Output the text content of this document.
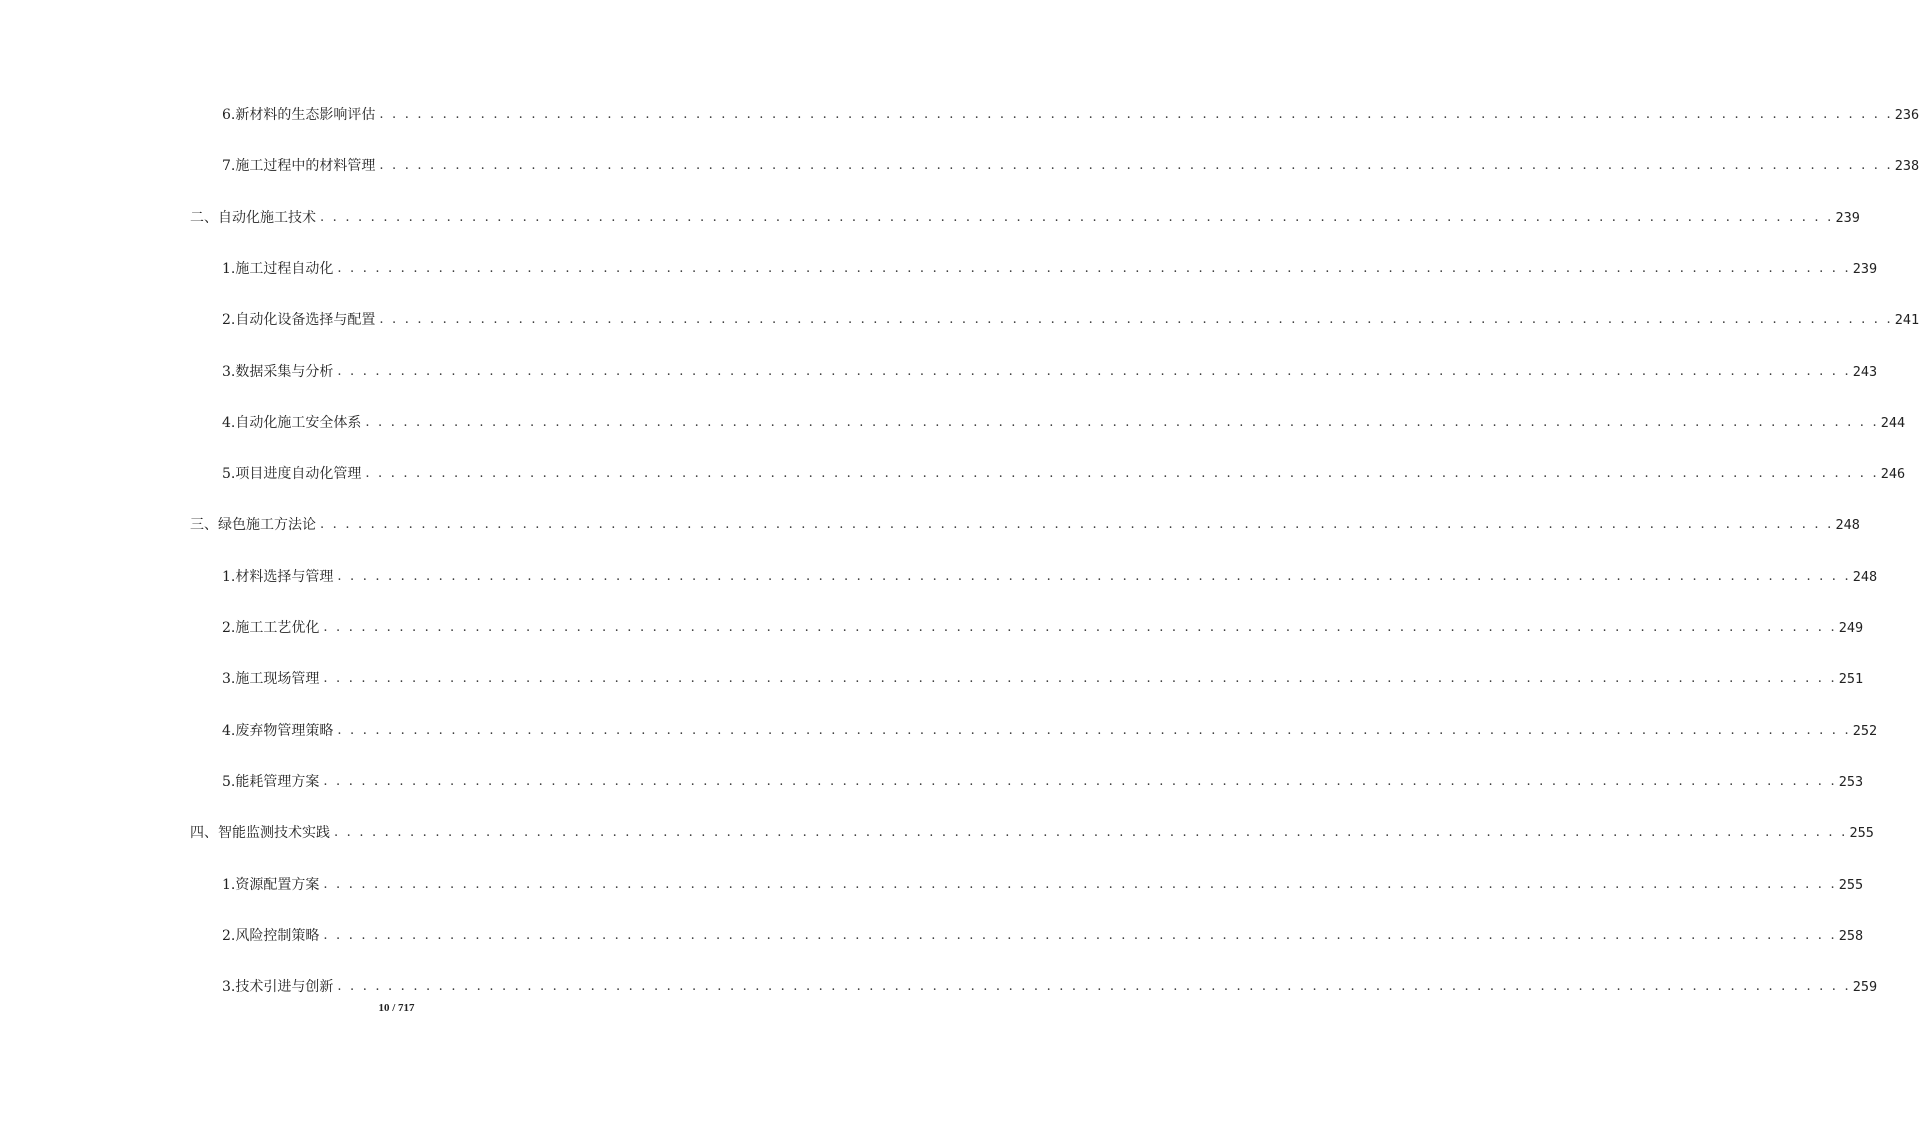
6.新材料的生态影响评估 . . . . . . . . . . . . . . . . . . . . . . . . . . . . . . . . . . . . . . . . . . . . . . . . . . . . . . . . . . . . . . . . . . . . . . . . . . . . . . . . . . . . . . . . . . . . . . . . . . . . . . . . . . . . . . . . . . . . . . . . 236
7.施工过程中的材料管理 . . . . . . . . . . . . . . . . . . . . . . . . . . . . . . . . . . . . . . . . . . . . . . . . . . . . . . . . . . . . . . . . . . . . . . . . . . . . . . . . . . . . . . . . . . . . . . . . . . . . . . . . . . . . . . . . . . . . . . . . 238
二、自动化施工技术 . . . . . . . . . . . . . . . . . . . . . . . . . . . . . . . . . . . . . . . . . . . . . . . . . . . . . . . . . . . . . . . . . . . . . . . . . . . . . . . . . . . . . . . . . . . . . . . . . . . . . . . . . . . . . . . . . . . . . . . . 239
1.施工过程自动化 . . . . . . . . . . . . . . . . . . . . . . . . . . . . . . . . . . . . . . . . . . . . . . . . . . . . . . . . . . . . . . . . . . . . . . . . . . . . . . . . . . . . . . . . . . . . . . . . . . . . . . . . . . . . . . . . . . . . . . . . 239
2.自动化设备选择与配置 . . . . . . . . . . . . . . . . . . . . . . . . . . . . . . . . . . . . . . . . . . . . . . . . . . . . . . . . . . . . . . . . . . . . . . . . . . . . . . . . . . . . . . . . . . . . . . . . . . . . . . . . . . . . . . . . . . . . . . . . 241
3.数据采集与分析 . . . . . . . . . . . . . . . . . . . . . . . . . . . . . . . . . . . . . . . . . . . . . . . . . . . . . . . . . . . . . . . . . . . . . . . . . . . . . . . . . . . . . . . . . . . . . . . . . . . . . . . . . . . . . . . . . . . . . . . . 243
4.自动化施工安全体系 . . . . . . . . . . . . . . . . . . . . . . . . . . . . . . . . . . . . . . . . . . . . . . . . . . . . . . . . . . . . . . . . . . . . . . . . . . . . . . . . . . . . . . . . . . . . . . . . . . . . . . . . . . . . . . . . . . . . . . . . 244
5.项目进度自动化管理 . . . . . . . . . . . . . . . . . . . . . . . . . . . . . . . . . . . . . . . . . . . . . . . . . . . . . . . . . . . . . . . . . . . . . . . . . . . . . . . . . . . . . . . . . . . . . . . . . . . . . . . . . . . . . . . . . . . . . . . . 246
三、绿色施工方法论 . . . . . . . . . . . . . . . . . . . . . . . . . . . . . . . . . . . . . . . . . . . . . . . . . . . . . . . . . . . . . . . . . . . . . . . . . . . . . . . . . . . . . . . . . . . . . . . . . . . . . . . . . . . . . . . . . . . . . . . . 248
1.材料选择与管理 . . . . . . . . . . . . . . . . . . . . . . . . . . . . . . . . . . . . . . . . . . . . . . . . . . . . . . . . . . . . . . . . . . . . . . . . . . . . . . . . . . . . . . . . . . . . . . . . . . . . . . . . . . . . . . . . . . . . . . . . 248
2.施工工艺优化 . . . . . . . . . . . . . . . . . . . . . . . . . . . . . . . . . . . . . . . . . . . . . . . . . . . . . . . . . . . . . . . . . . . . . . . . . . . . . . . . . . . . . . . . . . . . . . . . . . . . . . . . . . . . . . . . . . . . . . . . 249
3.施工现场管理 . . . . . . . . . . . . . . . . . . . . . . . . . . . . . . . . . . . . . . . . . . . . . . . . . . . . . . . . . . . . . . . . . . . . . . . . . . . . . . . . . . . . . . . . . . . . . . . . . . . . . . . . . . . . . . . . . . . . . . . . 251
4.废弃物管理策略 . . . . . . . . . . . . . . . . . . . . . . . . . . . . . . . . . . . . . . . . . . . . . . . . . . . . . . . . . . . . . . . . . . . . . . . . . . . . . . . . . . . . . . . . . . . . . . . . . . . . . . . . . . . . . . . . . . . . . . . . 252
5.能耗管理方案 . . . . . . . . . . . . . . . . . . . . . . . . . . . . . . . . . . . . . . . . . . . . . . . . . . . . . . . . . . . . . . . . . . . . . . . . . . . . . . . . . . . . . . . . . . . . . . . . . . . . . . . . . . . . . . . . . . . . . . . . 253
四、智能监测技术实践 . . . . . . . . . . . . . . . . . . . . . . . . . . . . . . . . . . . . . . . . . . . . . . . . . . . . . . . . . . . . . . . . . . . . . . . . . . . . . . . . . . . . . . . . . . . . . . . . . . . . . . . . . . . . . . . . . . . . . . . . 255
1.资源配置方案 . . . . . . . . . . . . . . . . . . . . . . . . . . . . . . . . . . . . . . . . . . . . . . . . . . . . . . . . . . . . . . . . . . . . . . . . . . . . . . . . . . . . . . . . . . . . . . . . . . . . . . . . . . . . . . . . . . . . . . . . 255
2.风险控制策略 . . . . . . . . . . . . . . . . . . . . . . . . . . . . . . . . . . . . . . . . . . . . . . . . . . . . . . . . . . . . . . . . . . . . . . . . . . . . . . . . . . . . . . . . . . . . . . . . . . . . . . . . . . . . . . . . . . . . . . . . 258
3.技术引进与创新 . . . . . . . . . . . . . . . . . . . . . . . . . . . . . . . . . . . . . . . . . . . . . . . . . . . . . . . . . . . . . . . . . . . . . . . . . . . . . . . . . . . . . . . . . . . . . . . . . . . . . . . . . . . . . . . . . . . . . . . . 259
10 / 717
